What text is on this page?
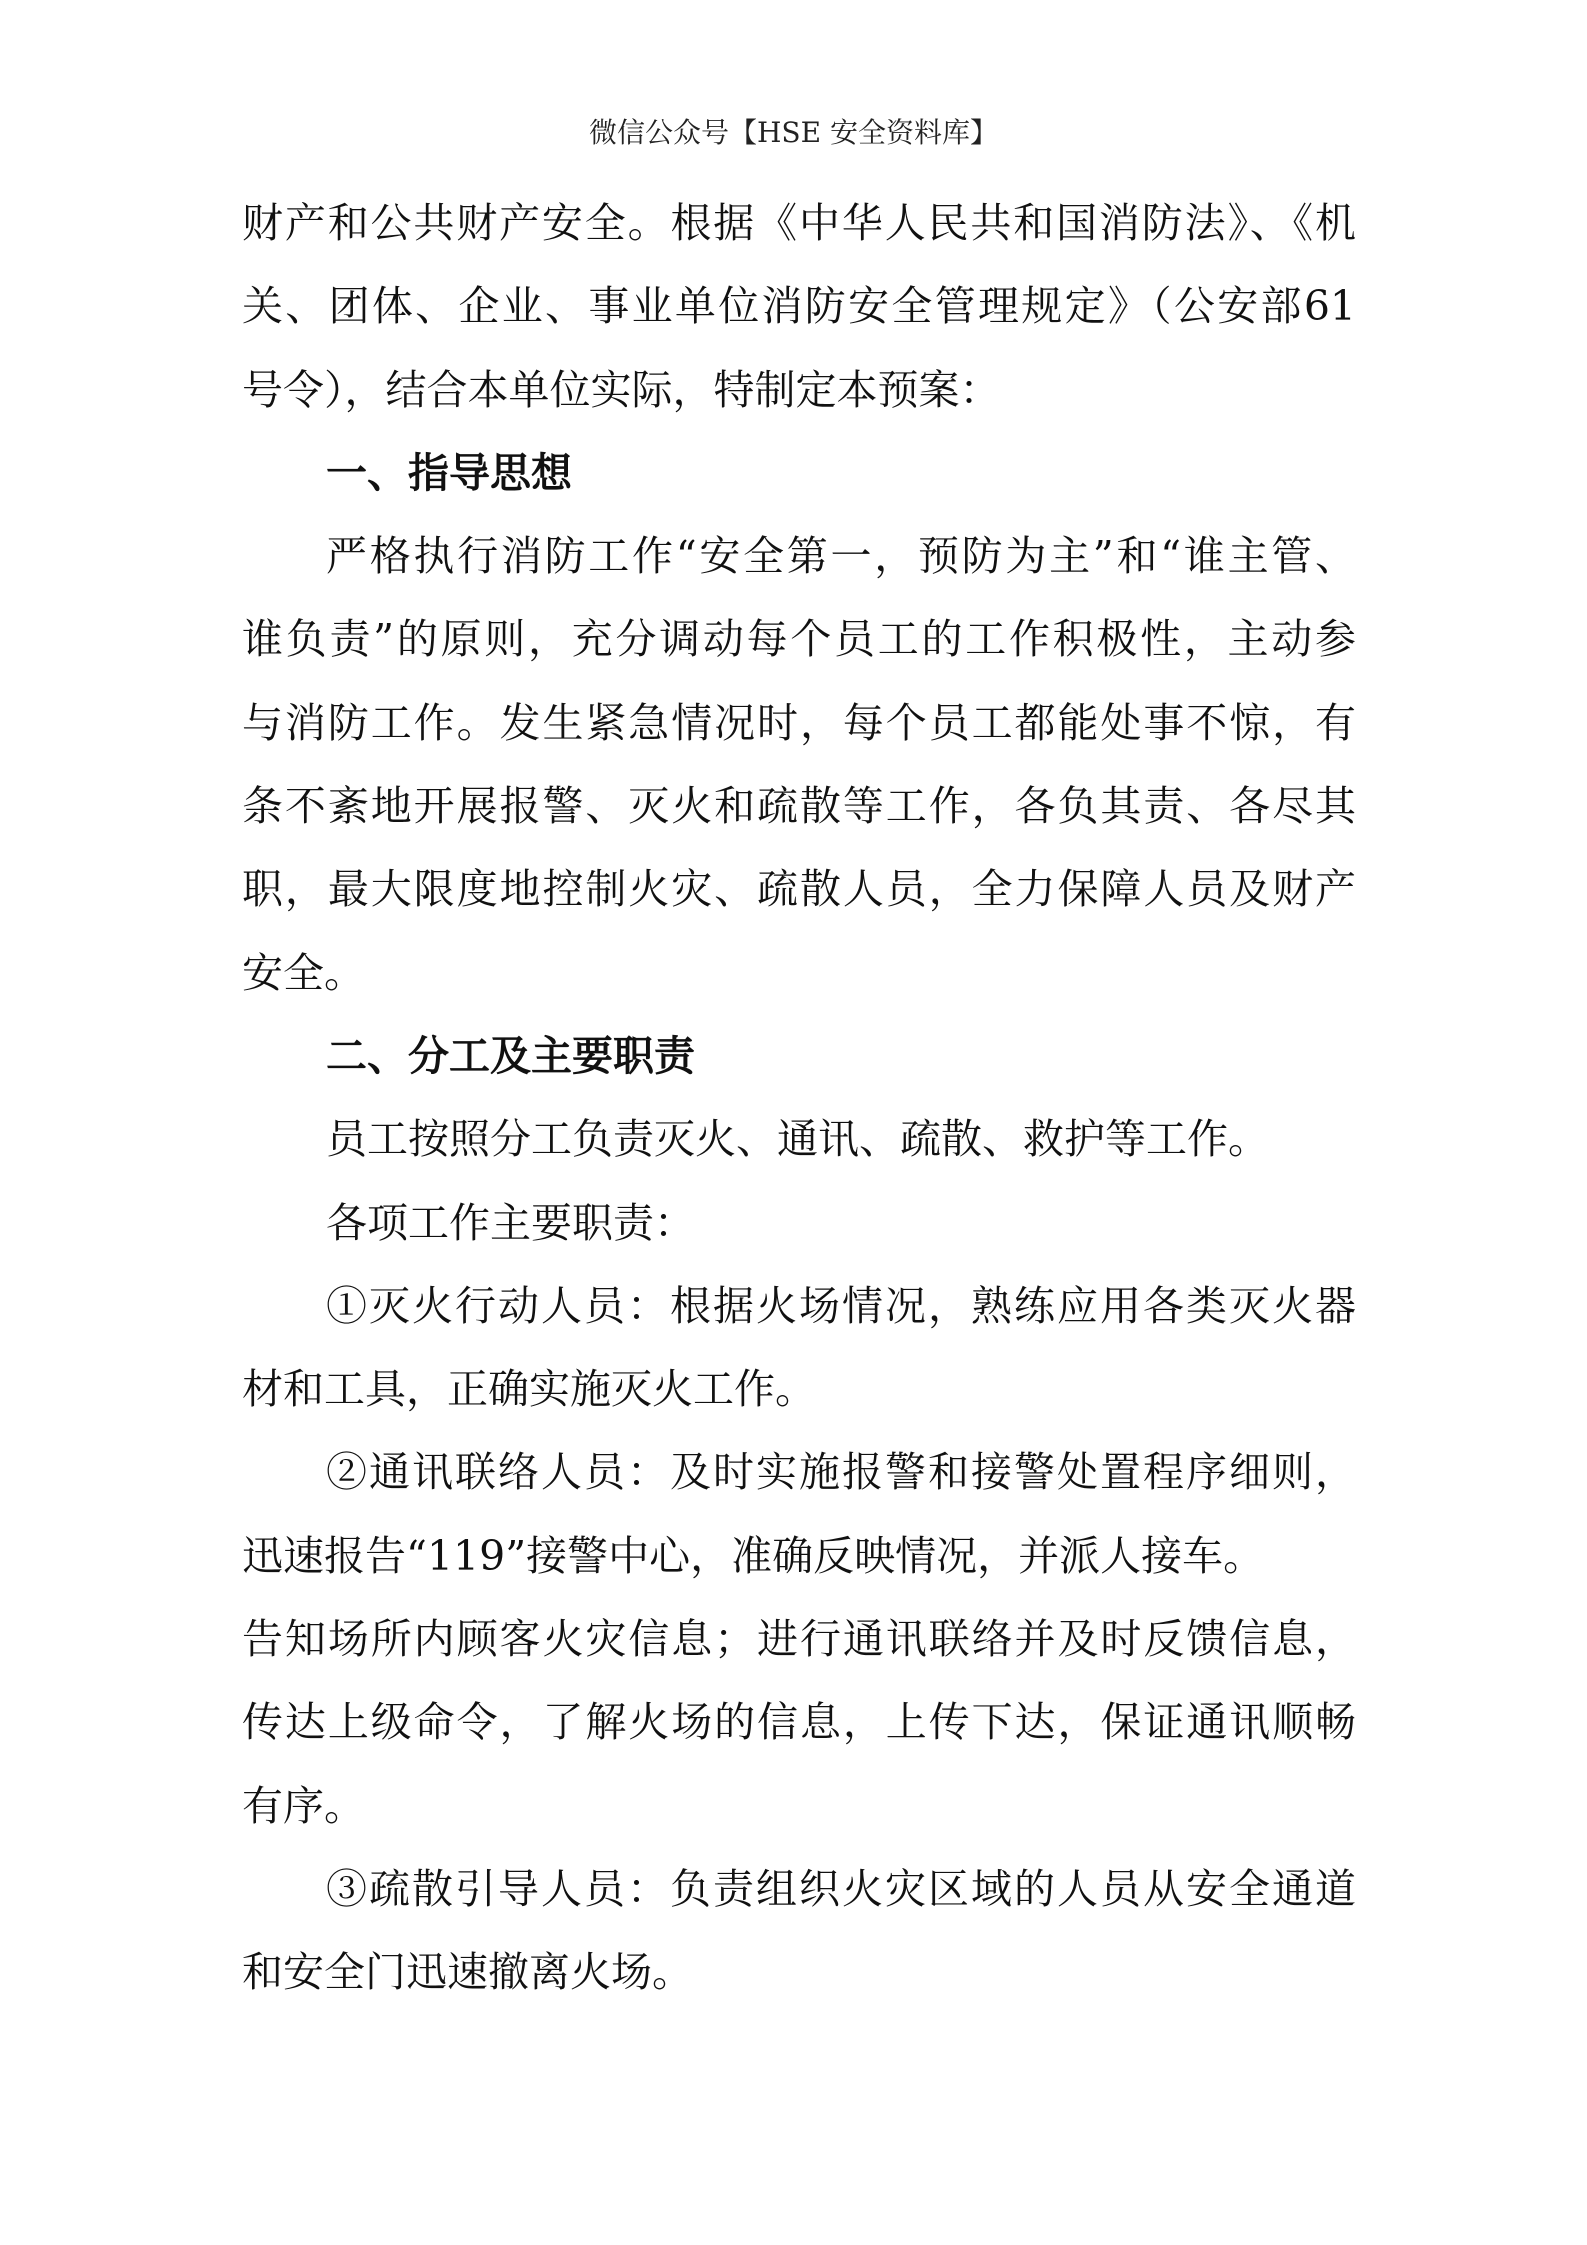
微信公众号【HSE 安全资料库】
财产和公共财产安全。根据《中华人民共和国消防法》、《机
关、团体、企业、事业单位消防安全管理规定》（公安部61
号令），结合本单位实际，特制定本预案：
一、指导思想
严格执行消防工作“安全第一，预防为主”和“谁主管、
谁负责”的原则，充分调动每个员工的工作积极性，主动参
与消防工作。发生紧急情况时，每个员工都能处事不惊，有
条不紊地开展报警、灭火和疏散等工作，各负其责、各尽其
职，最大限度地控制火灾、疏散人员，全力保障人员及财产
安全。
二、分工及主要职责
员工按照分工负责灭火、通讯、疏散、救护等工作。
各项工作主要职责：
①灭火行动人员：根据火场情况，熟练应用各类灭火器
材和工具，正确实施灭火工作。
②通讯联络人员：及时实施报警和接警处置程序细则，
迅速报告“119”接警中心，准确反映情况，并派人接车。
告知场所内顾客火灾信息；进行通讯联络并及时反馈信息，
传达上级命令，了解火场的信息，上传下达，保证通讯顺畅
有序。
③疏散引导人员：负责组织火灾区域的人员从安全通道
和安全门迅速撤离火场。
